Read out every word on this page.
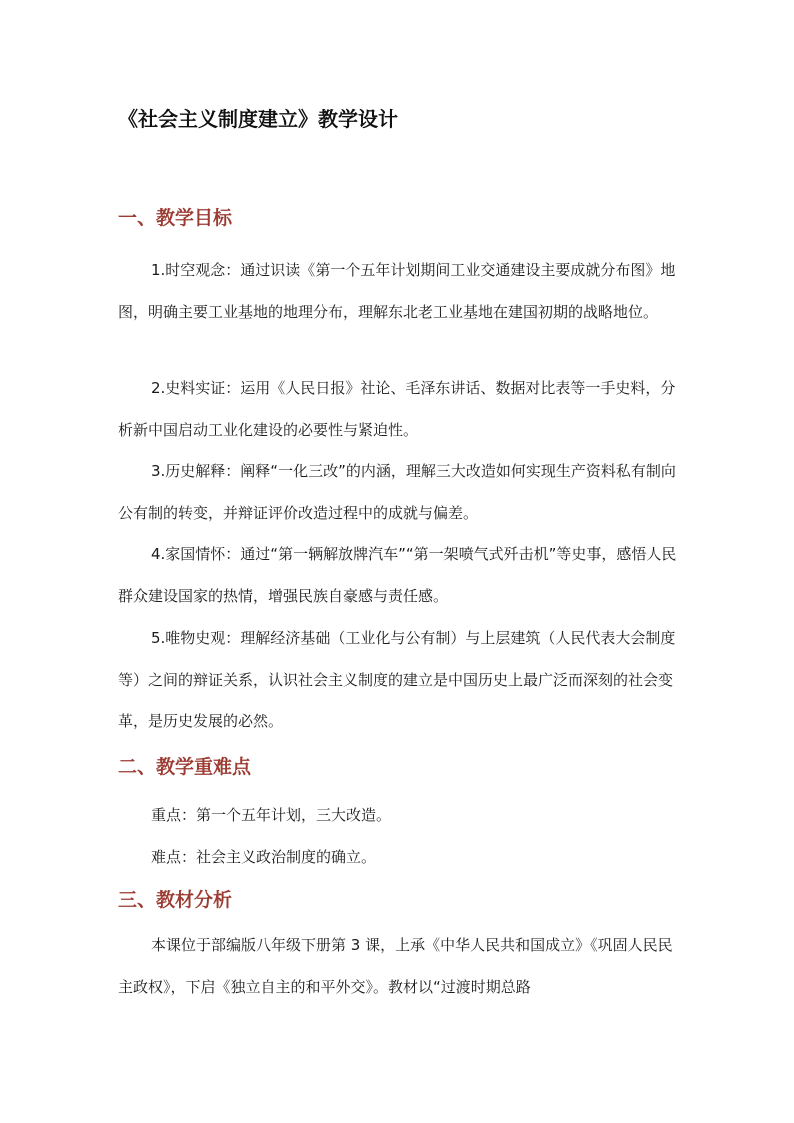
《社会主义制度建立》教学设计
一、教学目标

1.时空观念：通过识读《第一个五年计划期间工业交通建设主要成就分布图》地图，明确主要工业基地的地理分布，理解东北老工业基地在建国初期的战略地位。

2.史料实证：运用《人民日报》社论、毛泽东讲话、数据对比表等一手史料，分析新中国启动工业化建设的必要性与紧迫性。

3.历史解释：阐释“一化三改”的内涵，理解三大改造如何实现生产资料私有制向公有制的转变，并辩证评价改造过程中的成就与偏差。

4.家国情怀：通过“第一辆解放牌汽车”“第一架喷气式歼击机”等史事，感悟人民群众建设国家的热情，增强民族自豪感与责任感。

5.唯物史观：理解经济基础（工业化与公有制）与上层建筑（人民代表大会制度等）之间的辩证关系，认识社会主义制度的建立是中国历史上最广泛而深刻的社会变革，是历史发展的必然。

二、教学重难点
重点：第一个五年计划，三大改造。
难点：社会主义政治制度的确立。
三、教材分析

本课位于部编版八年级下册第 3 课，上承《中华人民共和国成立》《巩固人民民主政权》，下启《独立自主的和平外交》。教材以“过渡时期总路
